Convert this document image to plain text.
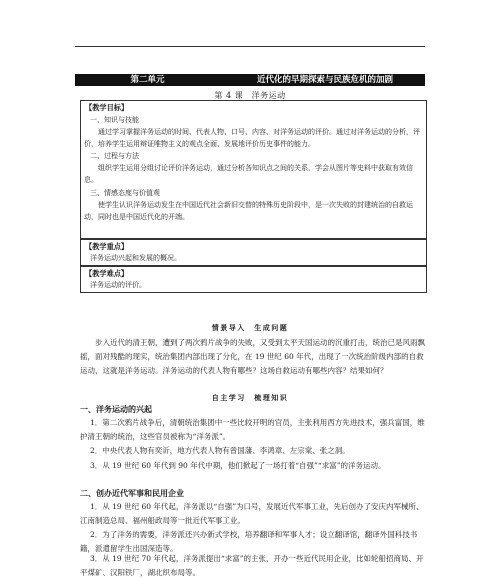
第二单元	近代化的早期探索与民族危机的加剧
第 4 课　洋务运动
【教学目标】
一、知识与技能
通过学习掌握洋务运动的时间、代表人物、口号、内容、对洋务运动的评价。通过对洋务运动的分析，评价，培养学生运用辩证唯物主义的观点全面、发展地评价历史事件的能力。
二、过程与方法
组织学生运用分组讨论评价洋务运动，通过分析各知识点之间的关系，学会从图片等史料中获取有效信息。
三、情感态度与价值观
使学生认识洋务运动发生在中国近代社会新旧交替的特殊历史阶段中，是一次失败的封建统治的自救运动，同时也是中国近代化的开端。
【教学重点】
洋务运动兴起和发展的概况。
【教学难点】
洋务运动的评价。
情景导入　生成问题
步入近代的清王朝，遭到了两次鸦片战争的失败，又受到太平天国运动的沉重打击，统治已是风雨飘摇，面对残酷的现实，统治集团内部出现了分化，在 19 世纪 60 年代，出现了一次统治阶级内部的自救运动，这就是洋务运动。洋务运动的代表人物有哪些？这场自救运动有哪些内容？结果如何？
自主学习　梳理知识
一、洋务运动的兴起
1．第二次鸦片战争后，清朝统治集团中一些比较开明的官员，主张利用西方先进技术，强兵富国，维护清王朝的统治，这些官员被称为“洋务派”。
2．中央代表人物有奕䜣，地方代表人物有曾国藩、李鸿章、左宗棠、张之洞。
3．从 19 世纪 60 年代到 90 年代中期，他们掀起了一场打着“自强”“求富”的洋务运动。
二、创办近代军事和民用企业
1．从 19 世纪 60 年代起，洋务派以“自强”为口号，发展近代军事工业，先后创办了安庆内军械所、江南制造总局、福州船政局等一批近代军事工业。
2．为了洋务的需要，洋务派还兴办新式学校，培养翻译和军事人才；设立翻译馆，翻译外国科技书籍，派遣留学生出国深造等。
3．从 19 世纪 70 年代起，洋务派提出“求富”的主张，开办一些近代民用企业，比如轮船招商局、开平煤矿、汉阳铁厂，湖北织布局等。
